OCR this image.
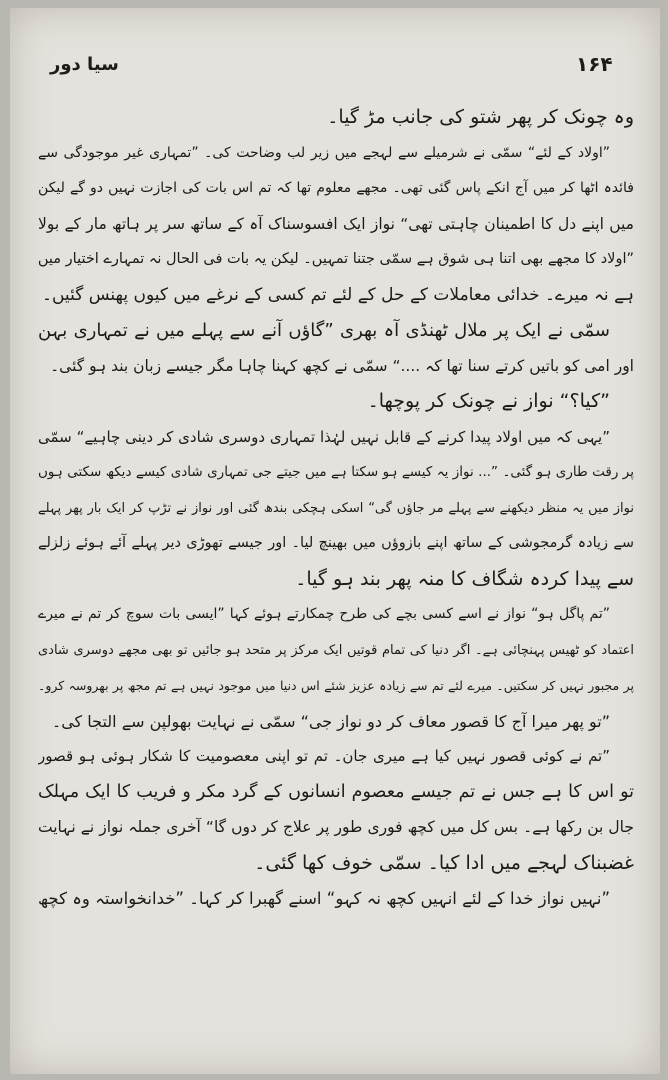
۱۶۴
سیا دور
وہ چونک کر پھر شتو کی جانب مڑ گیا۔
”اولاد کے لئے“ سمّی نے شرمیلے سے لہجے میں زیر لب وضاحت کی۔ ”تمہاری غیر موجودگی سے
فائدہ اٹھا کر میں آج انکے پاس گئی تھی۔ مجھے معلوم تھا کہ تم اس بات کی اجازت نہیں دو گے لیکن
میں اپنے دل کا اطمینان چاہتی تھی“ نواز ایک افسوسناک آہ کے ساتھ سر پر ہاتھ مار کے بولا
”اولاد کا مجھے بھی اتنا ہی شوق ہے سمّی جتنا تمہیں۔ لیکن یہ بات فی الحال نہ تمہارے اختیار میں
ہے نہ میرے۔ خدائی معاملات کے حل کے لئے تم کسی کے نرغے میں کیوں پھنس گئیں۔
سمّی نے ایک پر ملال ٹھنڈی آہ بھری ”گاؤں آنے سے پہلے میں نے تمہاری بہن
اور امی کو باتیں کرتے سنا تھا کہ ....“ سمّی نے کچھ کہنا چاہا مگر جیسے زبان بند ہو گئی۔
”کیا؟“ نواز نے چونک کر پوچھا۔
”یہی کہ میں اولاد پیدا کرنے کے قابل نہیں لہٰذا تمہاری دوسری شادی کر دینی چاہیے“ سمّی
پر رقت طاری ہو گئی۔ ”... نواز یہ کیسے ہو سکتا ہے میں جیتے جی تمہاری شادی کیسے دیکھ سکتی ہوں
نواز میں یہ منظر دیکھنے سے پہلے مر جاؤں گی“ اسکی ہچکی بندھ گئی اور نواز نے تڑپ کر ایک بار پھر پہلے
سے زیادہ گرمجوشی کے ساتھ اپنے بازوؤں میں بھینچ لیا۔ اور جیسے تھوڑی دیر پہلے آئے ہوئے زلزلے
سے پیدا کردہ شگاف کا منہ پھر بند ہو گیا۔
”تم پاگل ہو“ نواز نے اسے کسی بچے کی طرح چمکارتے ہوئے کہا ”ایسی بات سوچ کر تم نے میرے
اعتماد کو ٹھیس پہنچائی ہے۔ اگر دنیا کی تمام قوتیں ایک مرکز پر متحد ہو جائیں تو بھی مجھے دوسری شادی
پر مجبور نہیں کر سکتیں۔ میرے لئے تم سے زیادہ عزیز شئے اس دنیا میں موجود نہیں ہے تم مجھ پر بھروسہ کرو۔
”تو پھر میرا آج کا قصور معاف کر دو نواز جی“ سمّی نے نہایت بھولپن سے التجا کی۔
”تم نے کوئی قصور نہیں کیا ہے میری جان۔ تم تو اپنی معصومیت کا شکار ہوئی ہو قصور
تو اس کا ہے جس نے تم جیسے معصوم انسانوں کے گرد مکر و فریب کا ایک مہلک
جال بن رکھا ہے۔ بس کل میں کچھ فوری طور پر علاج کر دوں گا“ آخری جملہ نواز نے نہایت
غضبناک لہجے میں ادا کیا۔ سمّی خوف کھا گئی۔
”نہیں نواز خدا کے لئے انہیں کچھ نہ کہو“ اسنے گھبرا کر کہا۔ ”خدانخواستہ وہ کچھ
